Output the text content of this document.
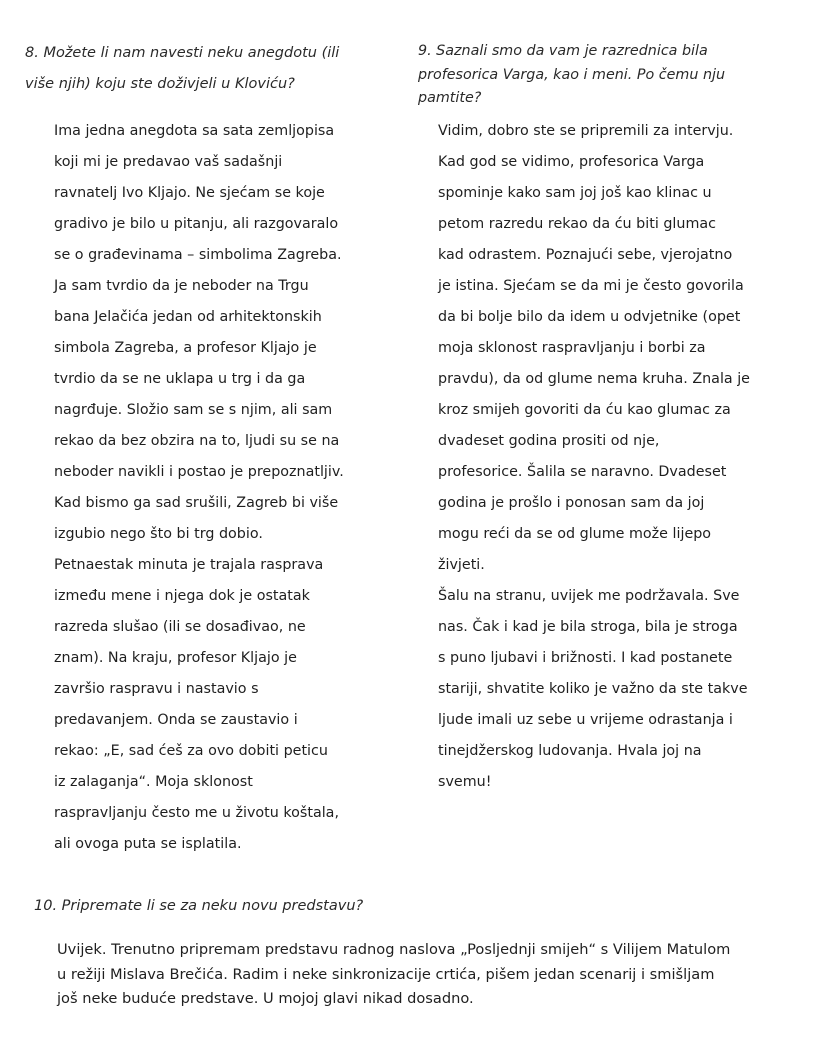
8. Možete li nam navesti neku anegdotu (ili

više njih) koju ste doživjeli u Kloviću?

Ima jedna anegdota sa sata zemljopisa

koji mi je predavao vaš sadašnji

ravnatelj Ivo Kljajo. Ne sjećam se koje

gradivo je bilo u pitanju, ali razgovaralo

se o građevinama – simbolima Zagreba.

Ja sam tvrdio da je neboder na Trgu

bana Jelačića jedan od arhitektonskih

simbola Zagreba, a profesor Kljajo je

tvrdio da se ne uklapa u trg i da ga

nagrđuje. Složio sam se s njim, ali sam

rekao da bez obzira na to, ljudi su se na

neboder navikli i postao je prepoznatljiv.

Kad bismo ga sad srušili, Zagreb bi više

izgubio nego što bi trg dobio.

Petnaestak minuta je trajala rasprava

između mene i njega dok je ostatak

razreda slušao (ili se dosađivao, ne

znam). Na kraju, profesor Kljajo je

završio raspravu i nastavio s

predavanjem. Onda se zaustavio i

rekao: „E, sad ćeš za ovo dobiti peticu

iz zalaganja“. Moja sklonost

raspravljanju često me u životu koštala,

ali ovoga puta se isplatila.

9. Saznali smo da vam je razrednica bila

profesorica Varga, kao i meni. Po čemu nju

pamtite?

Vidim, dobro ste se pripremili za intervju.

Kad god se vidimo, profesorica Varga

spominje kako sam joj još kao klinac u

petom razredu rekao da ću biti glumac

kad odrastem. Poznajući sebe, vjerojatno

je istina. Sjećam se da mi je često govorila

da bi bolje bilo da idem u odvjetnike (opet

moja sklonost raspravljanju i borbi za

pravdu), da od glume nema kruha. Znala je

kroz smijeh govoriti da ću kao glumac za

dvadeset godina prositi od nje,

profesorice. Šalila se naravno. Dvadeset

godina je prošlo i ponosan sam da joj

mogu reći da se od glume može lijepo

živjeti.

Šalu na stranu, uvijek me podržavala. Sve

nas. Čak i kad je bila stroga, bila je stroga

s puno ljubavi i brižnosti. I kad postanete

stariji, shvatite koliko je važno da ste takve

ljude imali uz sebe u vrijeme odrastanja i

tinejdžerskog ludovanja. Hvala joj na

svemu!

10. Pripremate li se za neku novu predstavu?

Uvijek. Trenutno pripremam predstavu radnog naslova „Posljednji smijeh“ s Vilijem Matulom

u režiji Mislava Brečića. Radim i neke sinkronizacije crtića, pišem jedan scenarij i smišljam

još neke buduće predstave. U mojoj glavi nikad dosadno.
